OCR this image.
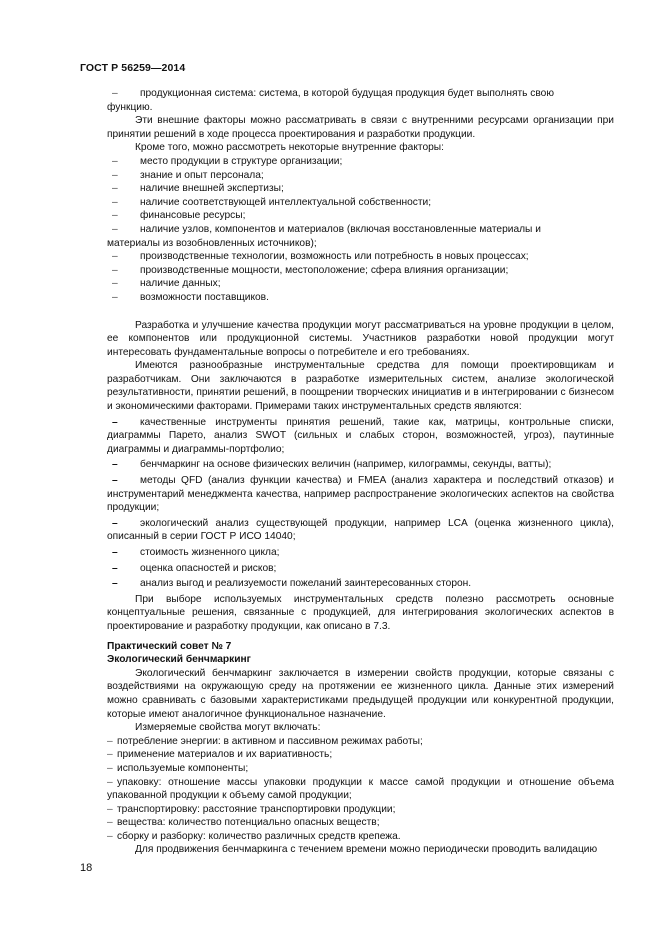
ГОСТ Р 56259—2014
– продукционная система: система, в которой будущая продукция будет выполнять свою
функцию.

Эти внешние факторы можно рассматривать в связи с внутренними ресурсами организации при принятии решений в ходе процесса проектирования и разработки продукции.

Кроме того, можно рассмотреть некоторые внутренние факторы:

– место продукции в структуре организации;
– знание и опыт персонала;
– наличие внешней экспертизы;
– наличие соответствующей интеллектуальной собственности;
– финансовые ресурсы;
– наличие узлов, компонентов и материалов (включая восстановленные материалы и
материалы из возобновленных источников);
– производственные технологии, возможность или потребность в новых процессах;
– производственные мощности, местоположение; сфера влияния организации;
– наличие данных;
– возможности поставщиков.

Разработка и улучшение качества продукции могут рассматриваться на уровне продукции в целом, ее компонентов или продукционной системы. Участников разработки новой продукции могут интересовать фундаментальные вопросы о потребителе и его требованиях.

Имеются разнообразные инструментальные средства для помощи проектировщикам и разработчикам. Они заключаются в разработке измерительных систем, анализе экологической результативности, принятии решений, в поощрении творческих инициатив и в интегрировании с бизнесом и экономическими факторами. Примерами таких инструментальных средств являются:

– качественные инструменты принятия решений, такие как, матрицы, контрольные списки, диаграммы Парето, анализ SWOT (сильных и слабых сторон, возможностей, угроз), паутинные диаграммы и диаграммы-портфолио;
– бенчмаркинг на основе физических величин (например, килограммы, секунды, ватты);
– методы QFD (анализ функции качества) и FMEA (анализ характера и последствий отказов) и инструментарий менеджмента качества, например распространение экологических аспектов на свойства продукции;
– экологический анализ существующей продукции, например LCA (оценка жизненного цикла), описанный в серии ГОСТ Р ИСО 14040;
– стоимость жизненного цикла;
– оценка опасностей и рисков;
– анализ выгод и реализуемости пожеланий заинтересованных сторон.

При выборе используемых инструментальных средств полезно рассмотреть основные концептуальные решения, связанные с продукцией, для интегрирования экологических аспектов в проектирование и разработку продукции, как описано в 7.3.

Практический совет № 7
Экологический бенчмаркинг

Экологический бенчмаркинг заключается в измерении свойств продукции, которые связаны с воздействиями на окружающую среду на протяжении ее жизненного цикла. Данные этих измерений можно сравнивать с базовыми характеристиками предыдущей продукции или конкурентной продукции, которые имеют аналогичное функциональное назначение.

Измеряемые свойства могут включать:

– потребление энергии: в активном и пассивном режимах работы;
– применение материалов и их вариативность;
– используемые компоненты;
– упаковку: отношение массы упаковки продукции к массе самой продукции и отношение объема упакованной продукции к объему самой продукции;
– транспортировку: расстояние транспортировки продукции;
– вещества: количество потенциально опасных веществ;
– сборку и разборку: количество различных средств крепежа.

Для продвижения бенчмаркинга с течением времени можно периодически проводить валидацию

18
